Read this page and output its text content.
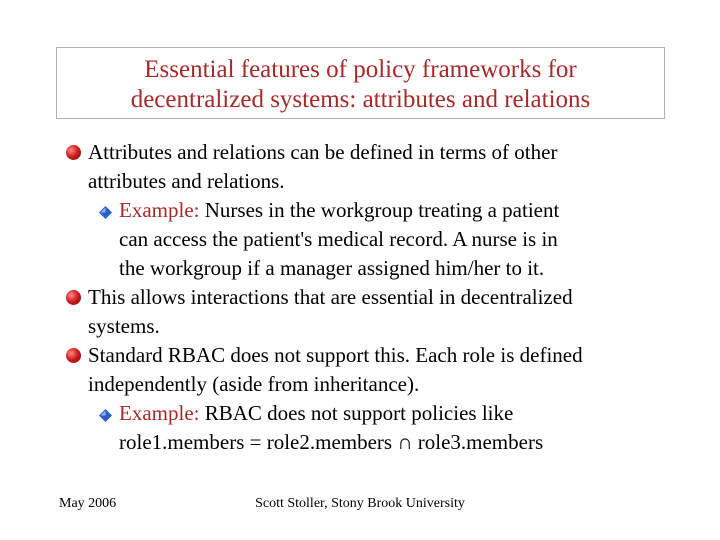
Essential features of policy frameworks for
decentralized systems: attributes and relations
Attributes and relations can be defined in terms of other
attributes and relations.
Example: Nurses in the workgroup treating a patient
can access the patient's medical record. A nurse is in
the workgroup if a manager assigned him/her to it.
This allows interactions that are essential in decentralized
systems.
Standard RBAC does not support this. Each role is defined
independently (aside from inheritance).
Example: RBAC does not support policies like
role1.members = role2.members ∩ role3.members
May 2006	Scott Stoller, Stony Brook University
